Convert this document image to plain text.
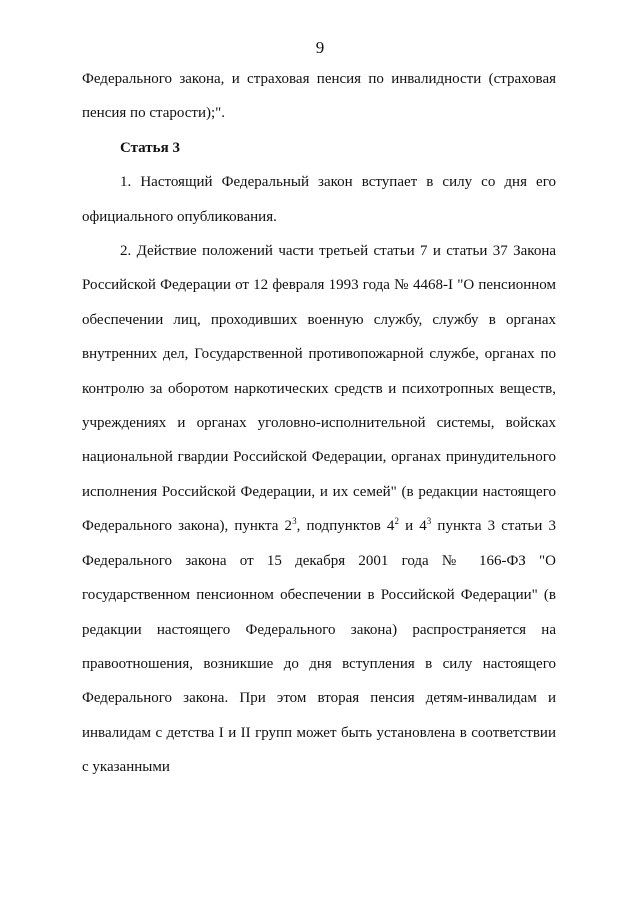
9

Федерального закона, и страховая пенсия по инвалидности (страховая пенсия по старости);".

Статья 3

1. Настоящий Федеральный закон вступает в силу со дня его официального опубликования.

2. Действие положений части третьей статьи 7 и статьи 37 Закона Российской Федерации от 12 февраля 1993 года № 4468-I "О пенсионном обеспечении лиц, проходивших военную службу, службу в органах внутренних дел, Государственной противопожарной службе, органах по контролю за оборотом наркотических средств и психотропных веществ, учреждениях и органах уголовно-исполнительной системы, войсках национальной гвардии Российской Федерации, органах принудительного исполнения Российской Федерации, и их семей" (в редакции настоящего Федерального закона), пункта $2^3$, подпунктов $4^2$ и $4^3$ пункта 3 статьи 3 Федерального закона от 15 декабря 2001 года № 166-ФЗ "О государственном пенсионном обеспечении в Российской Федерации" (в редакции настоящего Федерального закона) распространяется на правоотношения, возникшие до дня вступления в силу настоящего Федерального закона. При этом вторая пенсия детям-инвалидам и инвалидам с детства I и II групп может быть установлена в соответствии с указанными
